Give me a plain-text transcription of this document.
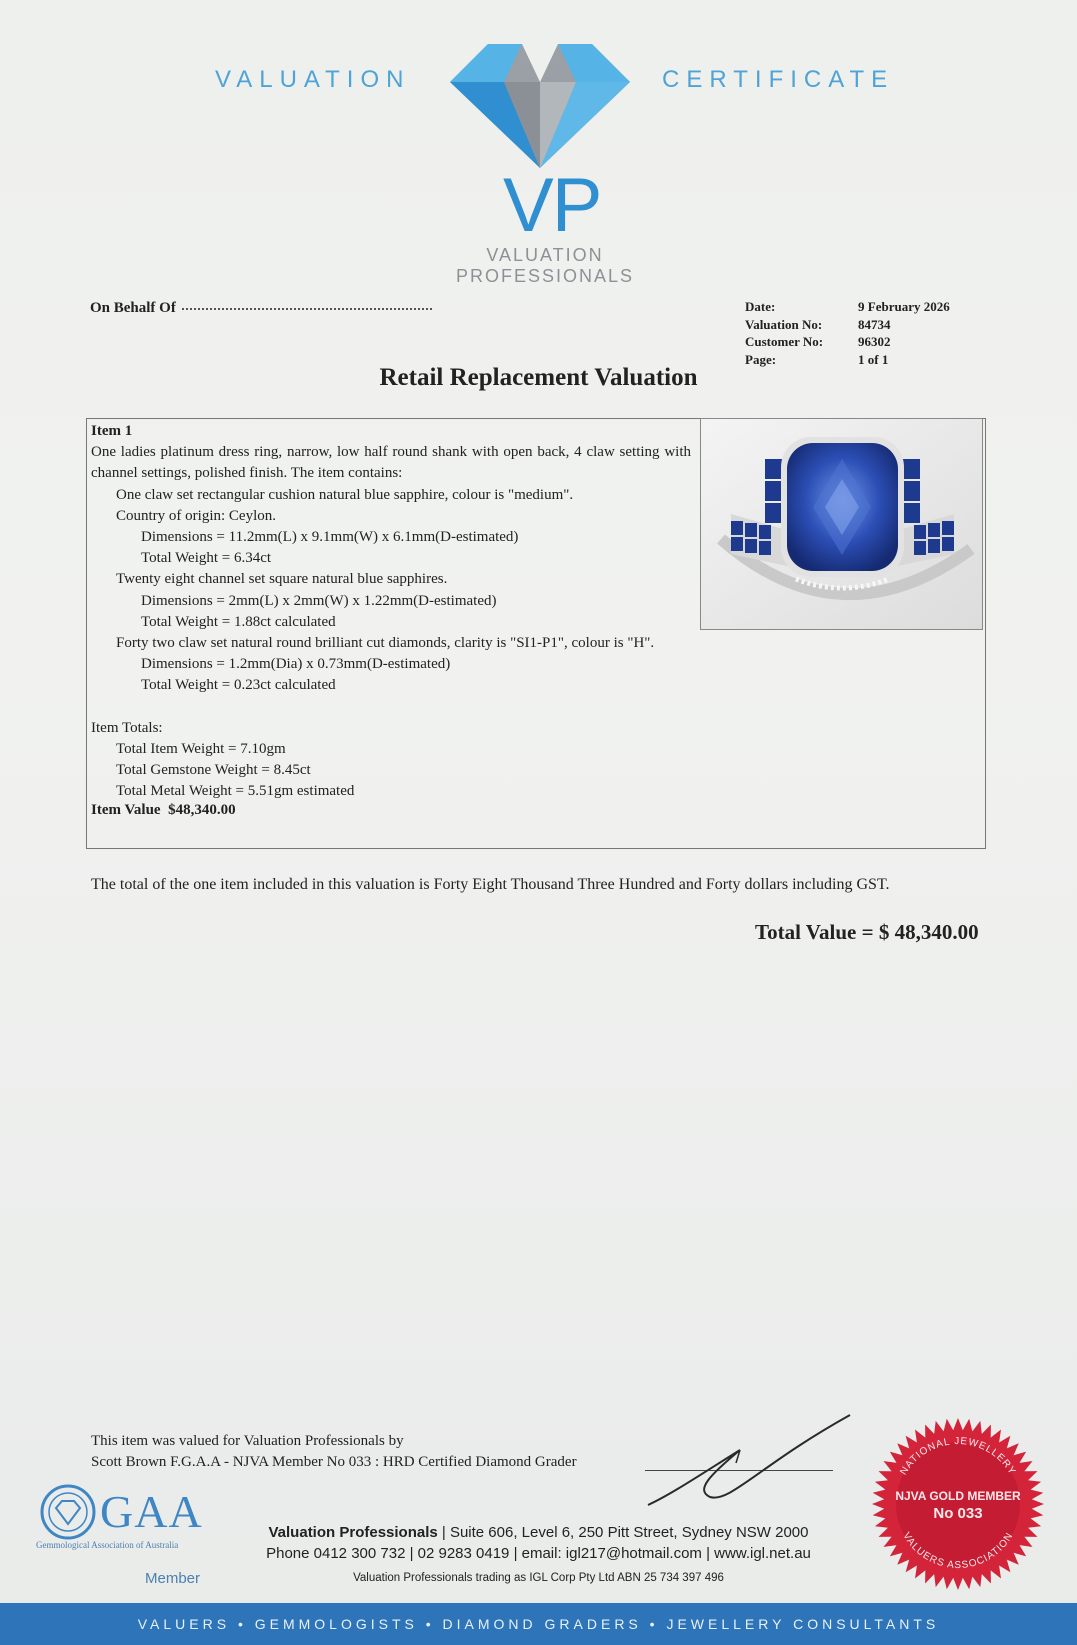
VALUATION	CERTIFICATE
VP
VALUATION
PROFESSIONALS
On Behalf Of	Date:	9 February 2026
Valuation No:	84734
Customer No:	96302
Page:	1 of 1
Retail Replacement Valuation

Item 1

One ladies platinum dress ring, narrow, low half round shank with open back, 4 claw setting with channel settings, polished finish. The item contains:

One claw set rectangular cushion natural blue sapphire, colour is "medium".

Country of origin: Ceylon.

Dimensions = 11.2mm(L) x 9.1mm(W) x 6.1mm(D-estimated)

Total Weight = 6.34ct

Twenty eight channel set square natural blue sapphires.

Dimensions = 2mm(L) x 2mm(W) x 1.22mm(D-estimated)

Total Weight = 1.88ct calculated

Forty two claw set natural round brilliant cut diamonds, clarity is "SI1-P1", colour is "H".

Dimensions = 1.2mm(Dia) x 0.73mm(D-estimated)

Total Weight = 0.23ct calculated

Item Totals:

Total Item Weight = 7.10gm

Total Gemstone Weight = 8.45ct

Total Metal Weight = 5.51gm estimated

Item Value $48,340.00

The total of the one item included in this valuation is Forty Eight Thousand Three Hundred and Forty dollars including GST.
Total Value = $ 48,340.00
This item was valued for Valuation Professionals by
Scott Brown F.G.A.A - NJVA Member No 033 : HRD Certified Diamond Grader
GAA
Gemmological Association of Australia
Member
Valuation Professionals | Suite 606, Level 6, 250 Pitt Street, Sydney NSW 2000
Phone 0412 300 732 | 02 9283 0419 | email: igl217@hotmail.com | www.igl.net.au
Valuation Professionals trading as IGL Corp Pty Ltd ABN 25 734 397 496
NATIONAL JEWELLERY
NJVA GOLD MEMBER
No 033
VALUERS ASSOCIATION
VALUERS • GEMMOLOGISTS • DIAMOND GRADERS • JEWELLERY CONSULTANTS
